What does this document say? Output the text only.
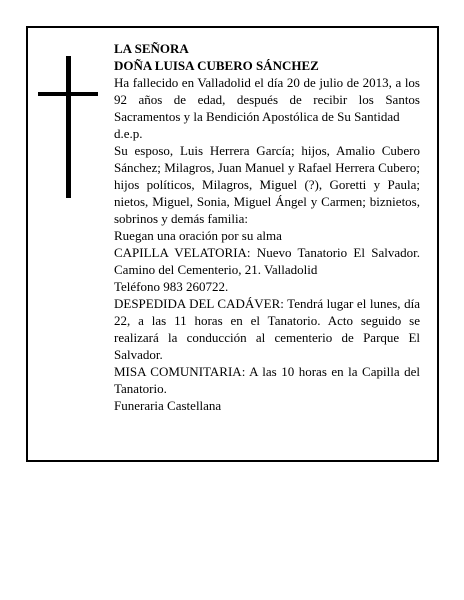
LA SEÑORA

DOÑA LUISA CUBERO SÁNCHEZ

Ha fallecido en Valladolid el día 20 de julio de 2013, a los 92 años de edad, después de recibir los Santos Sacramentos y la Bendición Apostólica de Su Santidad
d.e.p.

Su esposo, Luis Herrera García; hijos, Amalio Cubero Sánchez; Milagros, Juan Manuel y Rafael Herrera Cubero; hijos políticos, Milagros, Miguel (?), Goretti y Paula; nietos, Miguel, Sonia, Miguel Ángel y Carmen; biznietos, sobrinos y demás familia:

Ruegan una oración por su alma

CAPILLA VELATORIA: Nuevo Tanatorio El Salvador. Camino del Cementerio, 21. Valladolid
Teléfono 983 260722.

DESPEDIDA DEL CADÁVER: Tendrá lugar el lunes, día 22, a las 11 horas en el Tanatorio. Acto seguido se realizará la conducción al cementerio de Parque El Salvador.

MISA COMUNITARIA: A las 10 horas en la Capilla del Tanatorio.

Funeraria Castellana
